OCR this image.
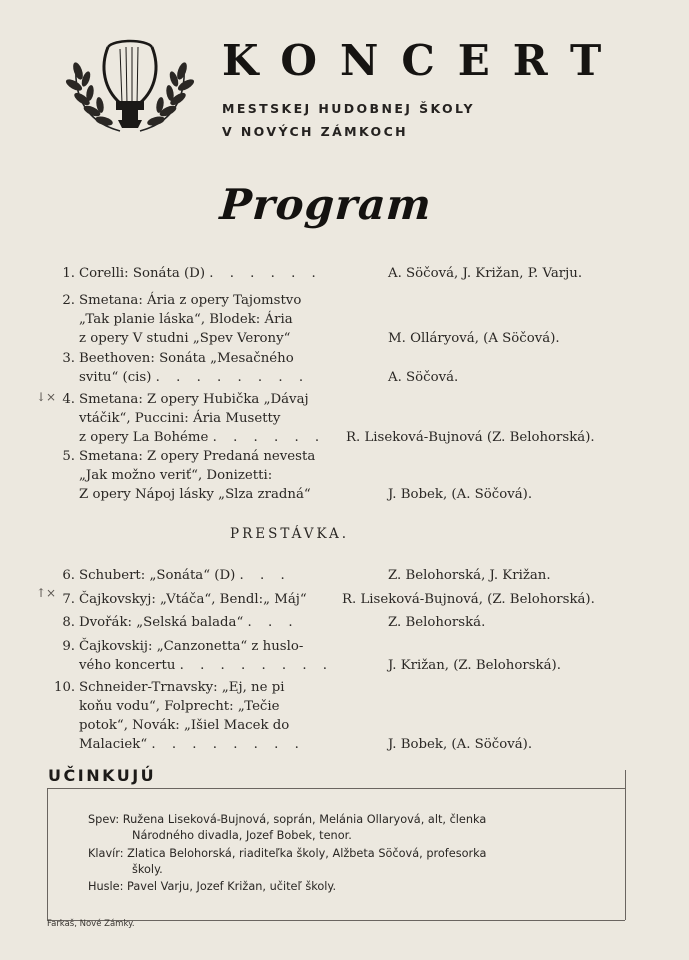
KONCERT
MESTSKEJ HUDOBNEJ ŠKOLY
V NOVÝCH ZÁMKOCH
Program
1. Corelli: Sonáta (D) . . . . . .	A. Söčová, J. Križan, P. Varju.
2. Smetana: Ária z opery Tajomstvo
„Tak planie láska“, Blodek: Ária
z opery V studni „Spev Verony“	M. Olláryová, (A Söčová).
3. Beethoven: Sonáta „Mesačného
svitu“ (cis) . . . . . . . .	A. Söčová.
↓× 4. Smetana: Z opery Hubička „Dávaj
vtáčik“, Puccini: Ária Musetty
z opery La Bohéme . . . . . .	R. Liseková-Bujnová (Z. Belohorská).
5. Smetana: Z opery Predaná nevesta
„Jak možno veriť“, Donizetti:
Z opery Nápoj lásky „Slza zradná“	J. Bobek, (A. Söčová).
PRESTÁVKA.
6. Schubert: „Sonáta“ (D) . . .	Z. Belohorská, J. Križan.
↑× 7. Čajkovskyj: „Vtáča“, Bendl:„ Máj“	R. Liseková-Bujnová, (Z. Belohorská).
8. Dvořák: „Selská balada“ . . .	Z. Belohorská.
9. Čajkovskij: „Canzonetta“ z huslo-
vého koncertu . . . . . . . .	J. Križan, (Z. Belohorská).
10. Schneider-Trnavsky: „Ej, ne pi
koňu vodu“, Folprecht: „Tečie
potok“, Novák: „Išiel Macek do
Malaciek“ . . . . . . . .	J. Bobek, (A. Söčová).
UČINKUJÚ
Spev: Ružena Liseková-Bujnová, soprán, Melánia Ollaryová, alt, členka
Národného divadla, Jozef Bobek, tenor.
Klavír: Zlatica Belohorská, riaditeľka školy, Alžbeta Söčová, profesorka
školy.
Husle: Pavel Varju, Jozef Križan, učiteľ školy.
Farkaš, Nové Zámky.
